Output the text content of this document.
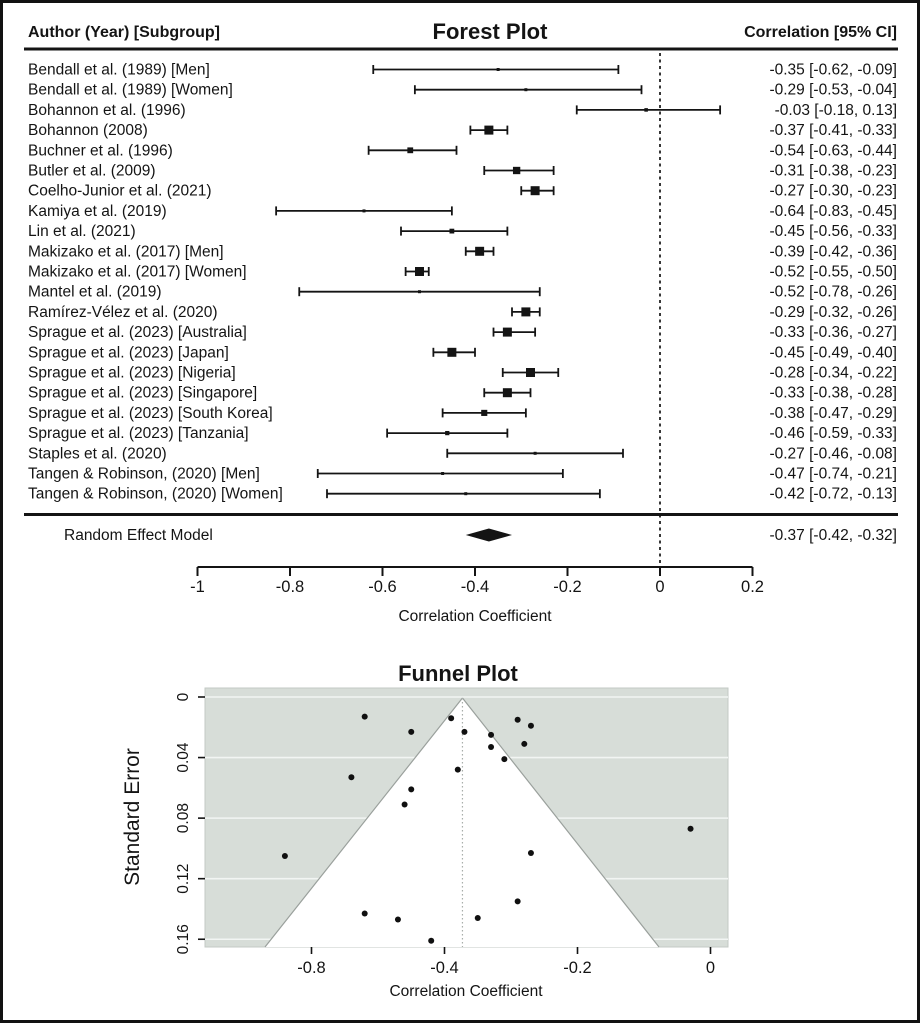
Author (Year) [Subgroup]	Forest Plot	Correlation [95% CI]
Bendall et al. (1989) [Men]	-0.35 [-0.62, -0.09]
Bendall et al. (1989) [Women]	-0.29 [-0.53, -0.04]
Bohannon et al. (1996)	-0.03 [-0.18, 0.13]
Bohannon (2008)	-0.37 [-0.41, -0.33]
Buchner et al. (1996)	-0.54 [-0.63, -0.44]
Butler et al. (2009)	-0.31 [-0.38, -0.23]
Coelho-Junior et al. (2021)	-0.27 [-0.30, -0.23]
Kamiya et al. (2019)	-0.64 [-0.83, -0.45]
Lin et al. (2021)	-0.45 [-0.56, -0.33]
Makizako et al. (2017) [Men]	-0.39 [-0.42, -0.36]
Makizako et al. (2017) [Women]	-0.52 [-0.55, -0.50]
Mantel et al. (2019)	-0.52 [-0.78, -0.26]
Ramírez-Vélez et al. (2020)	-0.29 [-0.32, -0.26]
Sprague et al. (2023) [Australia]	-0.33 [-0.36, -0.27]
Sprague et al. (2023) [Japan]	-0.45 [-0.49, -0.40]
Sprague et al. (2023) [Nigeria]	-0.28 [-0.34, -0.22]
Sprague et al. (2023) [Singapore]	-0.33 [-0.38, -0.28]
Sprague et al. (2023) [South Korea]	-0.38 [-0.47, -0.29]
Sprague et al. (2023) [Tanzania]	-0.46 [-0.59, -0.33]
Staples et al. (2020)	-0.27 [-0.46, -0.08]
Tangen & Robinson, (2020) [Men]	-0.47 [-0.74, -0.21]
Tangen & Robinson, (2020) [Women]	-0.42 [-0.72, -0.13]
Random Effect Model	-0.37 [-0.42, -0.32]
-1	-0.8	-0.6	-0.4	-0.2	0	0.2
Correlation Coefficient
Funnel Plot
0
0.04
0.08
0.12
0.16
Standard Error
-0.8	-0.4	-0.2	0
Correlation Coefficient
